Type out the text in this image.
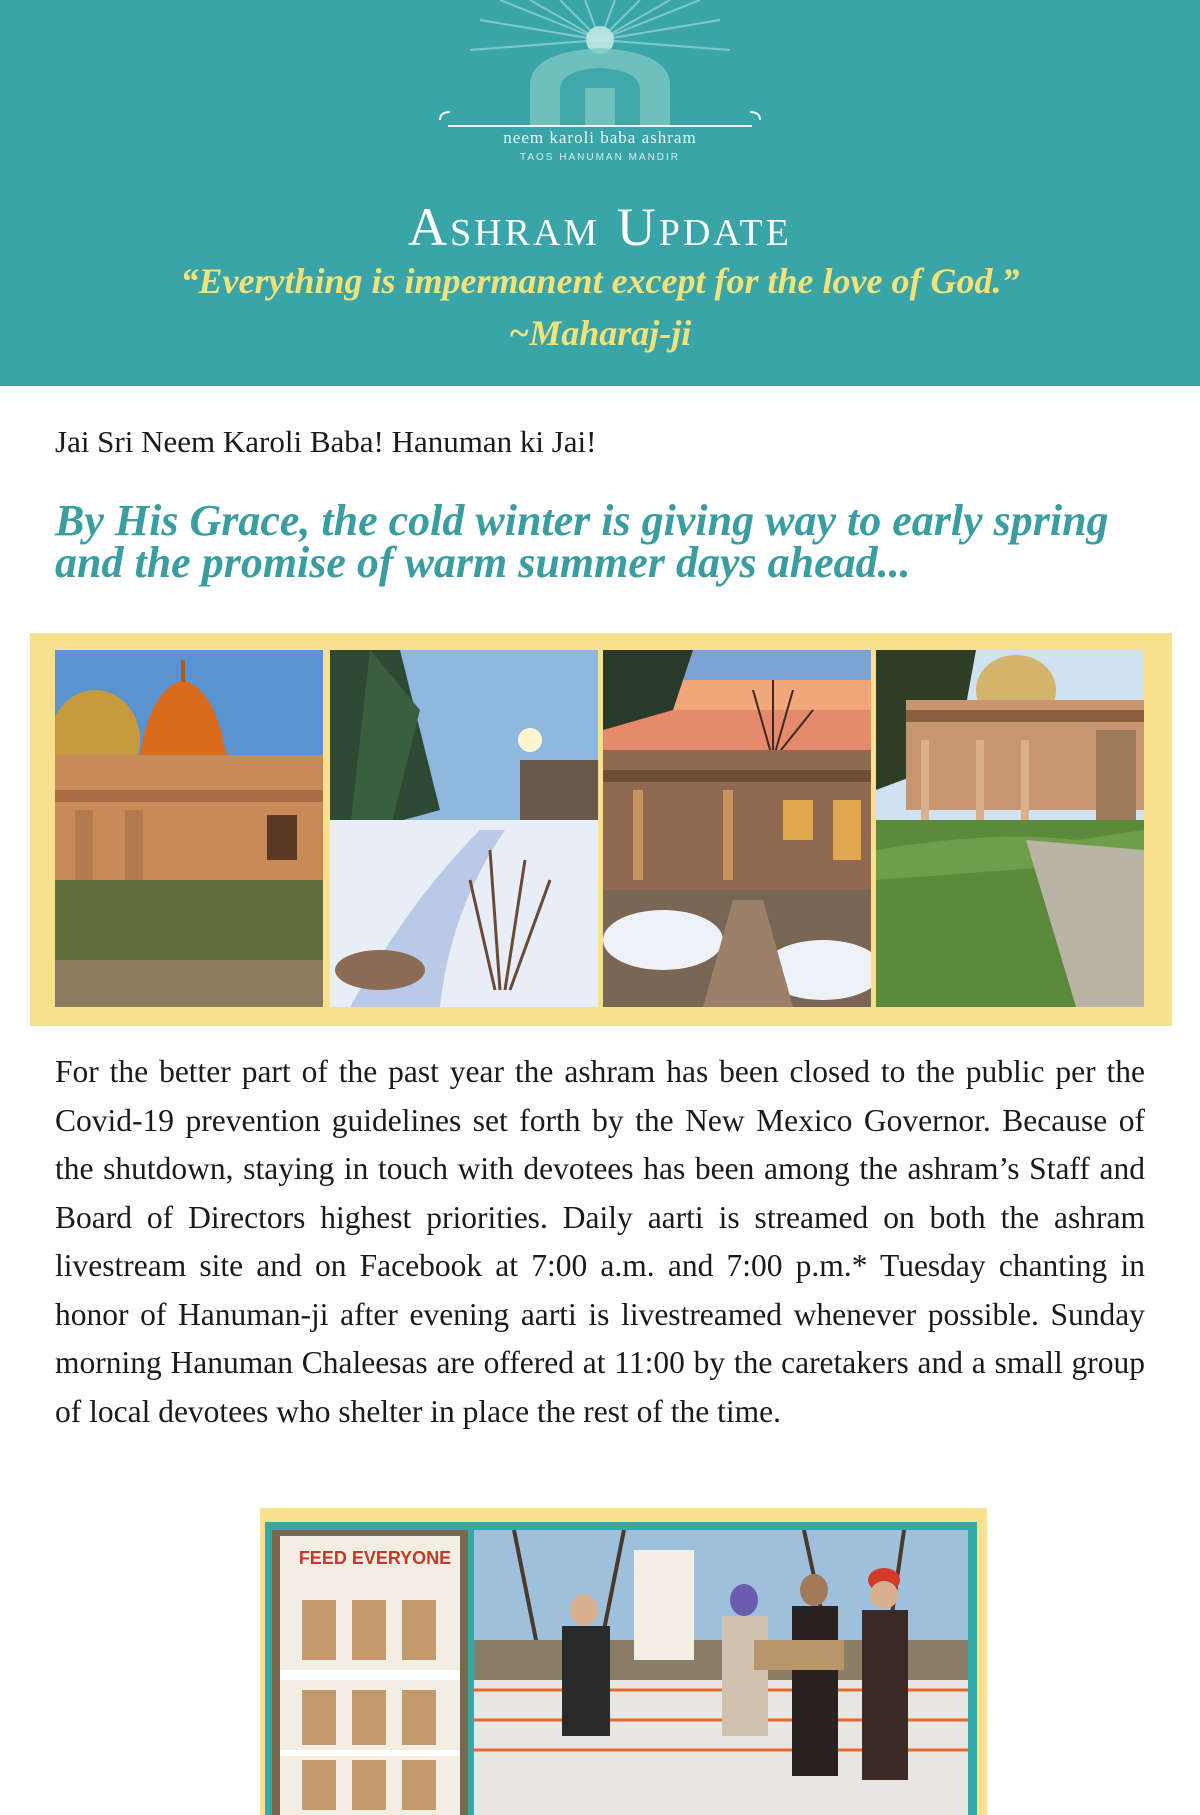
neem karoli baba ashram
TAOS HANUMAN MANDIR
Ashram Update
“Everything is impermanent except for the love of God.”
~Maharaj-ji
Jai Sri Neem Karoli Baba! Hanuman ki Jai!
By His Grace, the cold winter is giving way to early spring and the promise of warm summer days ahead...
For the better part of the past year the ashram has been closed to the public per the Covid-19 prevention guidelines set forth by the New Mexico Governor. Because of the shutdown, staying in touch with devotees has been among the ashram’s Staff and Board of Directors highest priorities. Daily aarti is streamed on both the ashram livestream site and on Facebook at 7:00 a.m. and 7:00 p.m.* Tuesday chanting in honor of Hanuman-ji after evening aarti is livestreamed whenever possible. Sunday morning Hanuman Chaleesas are offered at 11:00 by the caretakers and a small group of local devotees who shelter in place the rest of the time.
FEED EVERYONE
